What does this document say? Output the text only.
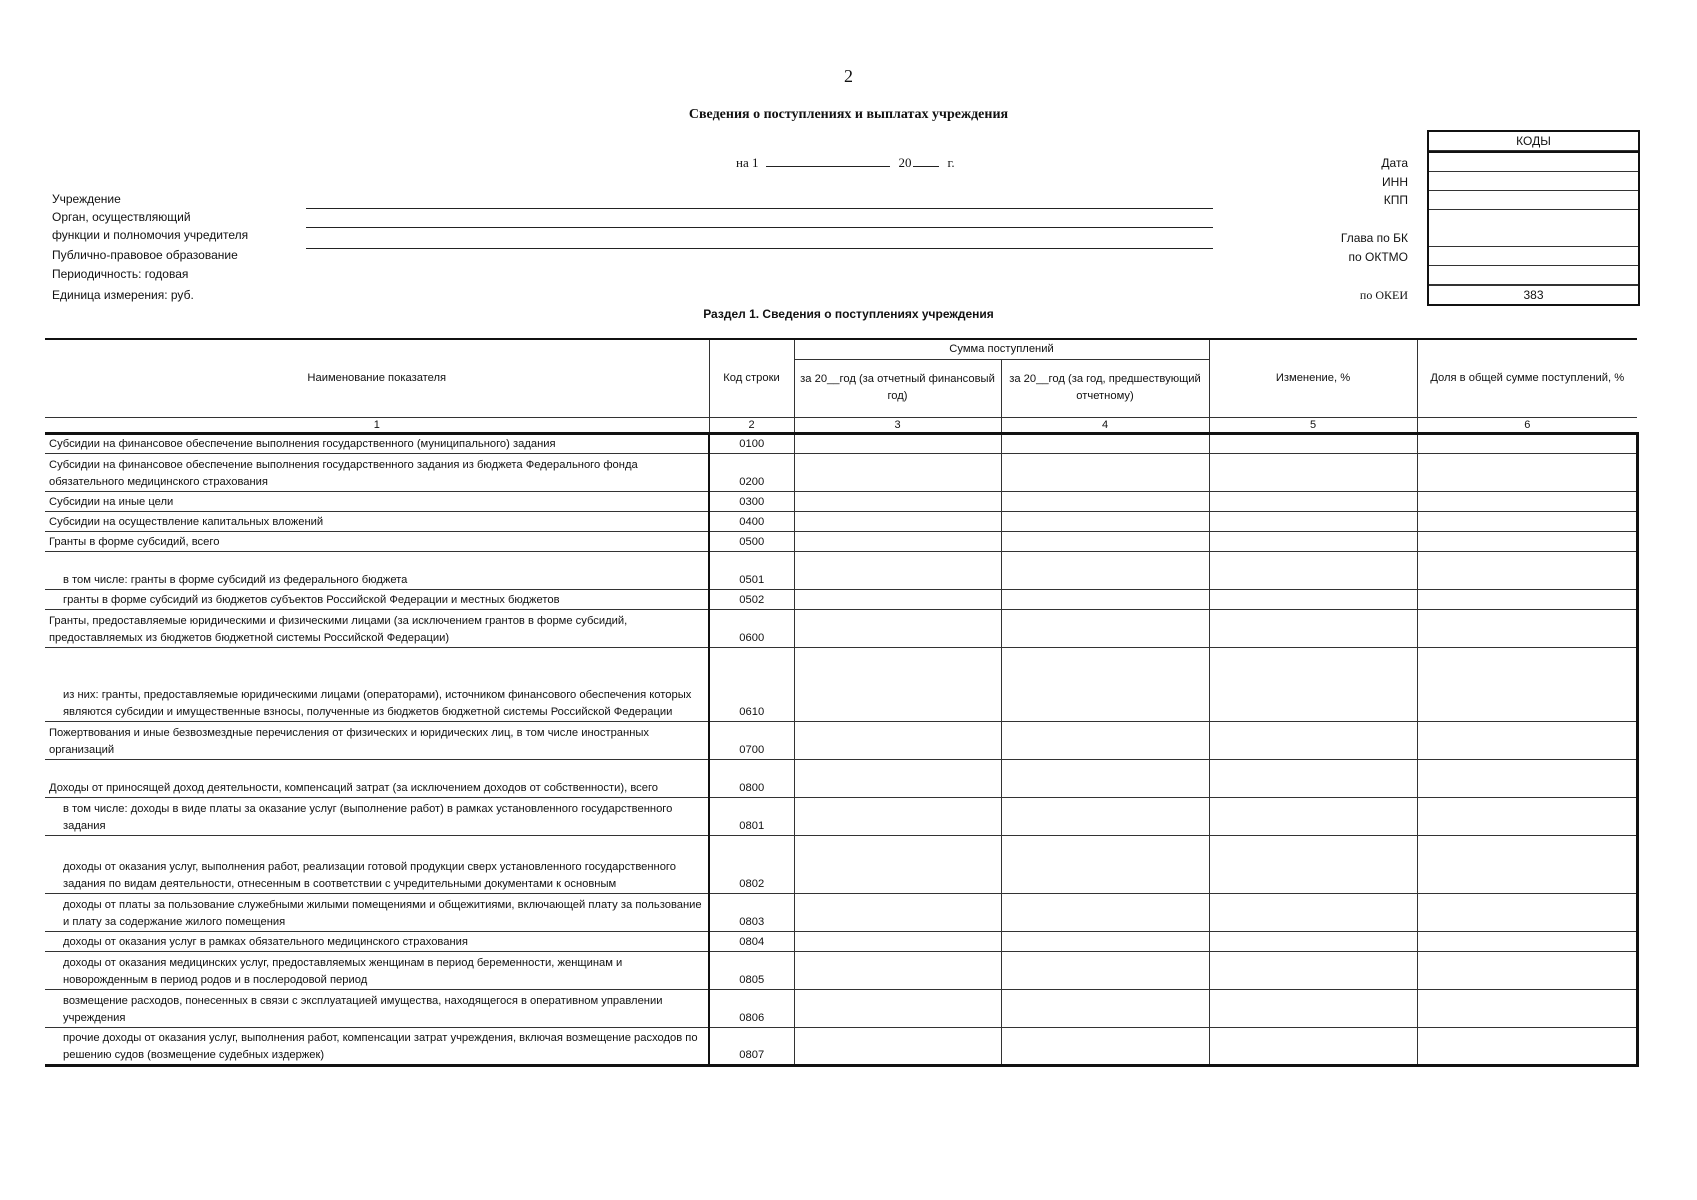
2
Сведения о поступлениях и выплатах учреждения
на 1	20	г.
Учреждение
Орган, осуществляющий
функции и полномочия учредителя
Публично-правовое образование
Периодичность: годовая
Единица измерения: руб.
Дата
ИНН
КПП
Глава по БК
по ОКТМО
по ОКЕИ
КОДЫ
383
Раздел 1. Сведения о поступлениях учреждения
Наименование показателя	Код строки	Сумма поступлений		Изменение, %	Доля в общей сумме поступлений, %
		за 20__год (за отчетный финансовый год)	за 20__год (за год, предшествующий отчетному)		
1	2	3	4	5	6
Субсидии на финансовое обеспечение выполнения государственного (муниципального) задания	0100				
Субсидии на финансовое обеспечение выполнения государственного задания из бюджета Федерального фонда обязательного медицинского страхования	0200				
Субсидии на иные цели	0300				
Субсидии на осуществление капитальных вложений	0400				
Гранты в форме субсидий, всего	0500				
в том числе: гранты в форме субсидий из федерального бюджета	0501				
гранты в форме субсидий из бюджетов субъектов Российской Федерации и местных бюджетов	0502				
Гранты, предоставляемые юридическими и физическими лицами (за исключением грантов в форме субсидий, предоставляемых из бюджетов бюджетной системы Российской Федерации)	0600				
из них: гранты, предоставляемые юридическими лицами (операторами), источником финансового обеспечения которых являются субсидии и имущественные взносы, полученные из бюджетов бюджетной системы Российской Федерации	0610				
Пожертвования и иные безвозмездные перечисления от физических и юридических лиц, в том числе иностранных организаций	0700				
Доходы от приносящей доход деятельности, компенсаций затрат (за исключением доходов от собственности), всего	0800				
в том числе: доходы в виде платы за оказание услуг (выполнение работ) в рамках установленного государственного задания	0801				
доходы от оказания услуг, выполнения работ, реализации готовой продукции сверх установленного государственного задания по видам деятельности, отнесенным в соответствии с учредительными документами к основным	0802				
доходы от платы за пользование служебными жилыми помещениями и общежитиями, включающей плату за пользование и плату за содержание жилого помещения	0803				
доходы от оказания услуг в рамках обязательного медицинского страхования	0804				
доходы от оказания медицинских услуг, предоставляемых женщинам в период беременности, женщинам и новорожденным в период родов и в послеродовой период	0805				
возмещение расходов, понесенных в связи с эксплуатацией имущества, находящегося в оперативном управлении учреждения	0806				
прочие доходы от оказания услуг, выполнения работ, компенсации затрат учреждения, включая возмещение расходов по решению судов (возмещение судебных издержек)	0807				
